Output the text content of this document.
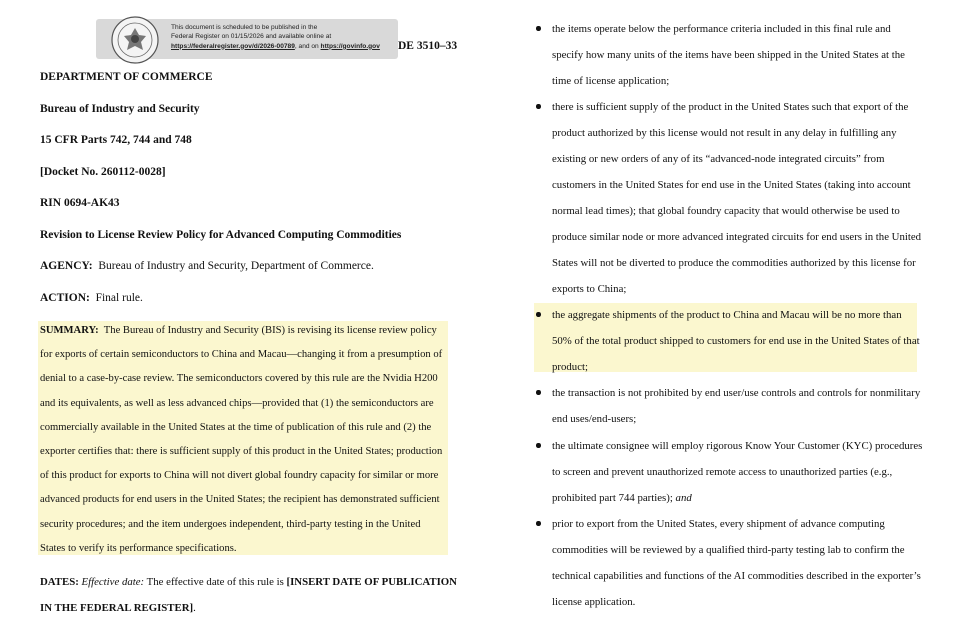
This document is scheduled to be published in the
Federal Register on 01/15/2026 and available online at
https://federalregister.gov/d/2026-00789, and on https://govinfo.gov	DE 3510–33
DEPARTMENT OF COMMERCE
Bureau of Industry and Security
15 CFR Parts 742, 744 and 748
[Docket No. 260112-0028]
RIN 0694-AK43
Revision to License Review Policy for Advanced Computing Commodities
AGENCY: Bureau of Industry and Security, Department of Commerce.
ACTION: Final rule.
SUMMARY: The Bureau of Industry and Security (BIS) is revising its license review policy for exports of certain semiconductors to China and Macau—changing it from a presumption of denial to a case-by-case review. The semiconductors covered by this rule are the Nvidia H200 and its equivalents, as well as less advanced chips—provided that (1) the semiconductors are commercially available in the United States at the time of publication of this rule and (2) the exporter certifies that: there is sufficient supply of this product in the United States; production of this product for exports to China will not divert global foundry capacity for similar or more advanced products for end users in the United States; the recipient has demonstrated sufficient security procedures; and the item undergoes independent, third-party testing in the United States to verify its performance specifications.
DATES: Effective date: The effective date of this rule is [INSERT DATE OF PUBLICATION IN THE FEDERAL REGISTER].
the items operate below the performance criteria included in this final rule and specify how many units of the items have been shipped in the United States at the time of license application;
there is sufficient supply of the product in the United States such that export of the product authorized by this license would not result in any delay in fulfilling any existing or new orders of any of its “advanced-node integrated circuits” from customers in the United States for end use in the United States (taking into account normal lead times); that global foundry capacity that would otherwise be used to produce similar node or more advanced integrated circuits for end users in the United States will not be diverted to produce the commodities authorized by this license for exports to China;
the aggregate shipments of the product to China and Macau will be no more than 50% of the total product shipped to customers for end use in the United States of that product;
the transaction is not prohibited by end user/use controls and controls for nonmilitary end uses/end-users;
the ultimate consignee will employ rigorous Know Your Customer (KYC) procedures to screen and prevent unauthorized remote access to unauthorized parties (e.g., prohibited part 744 parties); and
prior to export from the United States, every shipment of advance computing commodities will be reviewed by a qualified third-party testing lab to confirm the technical capabilities and functions of the AI commodities described in the exporter’s license application.
